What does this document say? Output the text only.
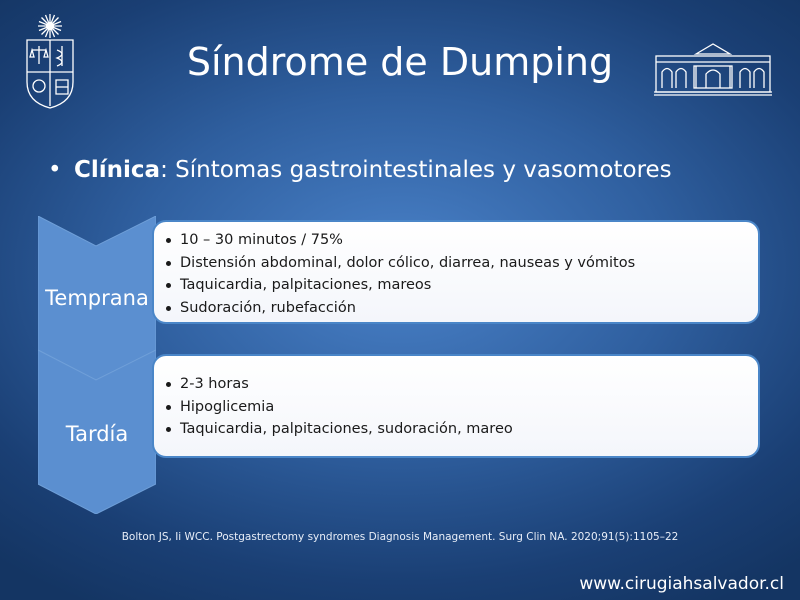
Síndrome de Dumping
• Clínica: Síntomas gastrointestinales y vasomotores
Temprana
Tardía
10 – 30 minutos / 75%
Distensión abdominal, dolor cólico, diarrea, nauseas y vómitos
Taquicardia, palpitaciones, mareos
Sudoración, rubefacción
2-3 horas
Hipoglicemia
Taquicardia, palpitaciones, sudoración, mareo
Bolton JS, Ii WCC. Postgastrectomy syndromes Diagnosis Management. Surg Clin NA. 2020;91(5):1105–22
www.cirugiahsalvador.cl
